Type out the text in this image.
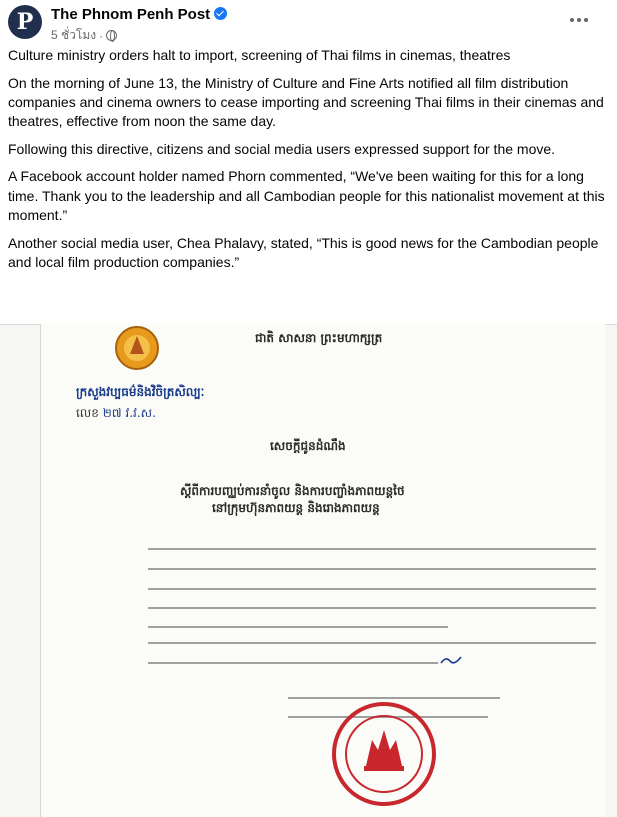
P	The Phnom Penh Post
5 ชั่วโมง ·

Culture ministry orders halt to import, screening of Thai films in cinemas, theatres

On the morning of June 13, the Ministry of Culture and Fine Arts notified all film distribution companies and cinema owners to cease importing and screening Thai films in their cinemas and theatres, effective from noon the same day.

Following this directive, citizens and social media users expressed support for the move.

A Facebook account holder named Phorn commented, “We've been waiting for this for a long time. Thank you to the leadership and all Cambodian people for this nationalist movement at this moment.”

Another social media user, Chea Phalavy, stated, “This is good news for the Cambodian people and local film production companies.”

ជាតិ សាសនា ព្រះមហាក្សត្រ
ក្រសួងវប្បធម៌និងវិចិត្រសិល្បៈ
លេខ ២៧ វ.វ.ស.
សេចក្តីជូនដំណឹង
ស្តីពីការបញ្ឈប់ការនាំចូល និងការបញ្ចាំងភាពយន្តថៃ
នៅក្រុមហ៊ុនភាពយន្ត និងរោងភាពយន្ត
